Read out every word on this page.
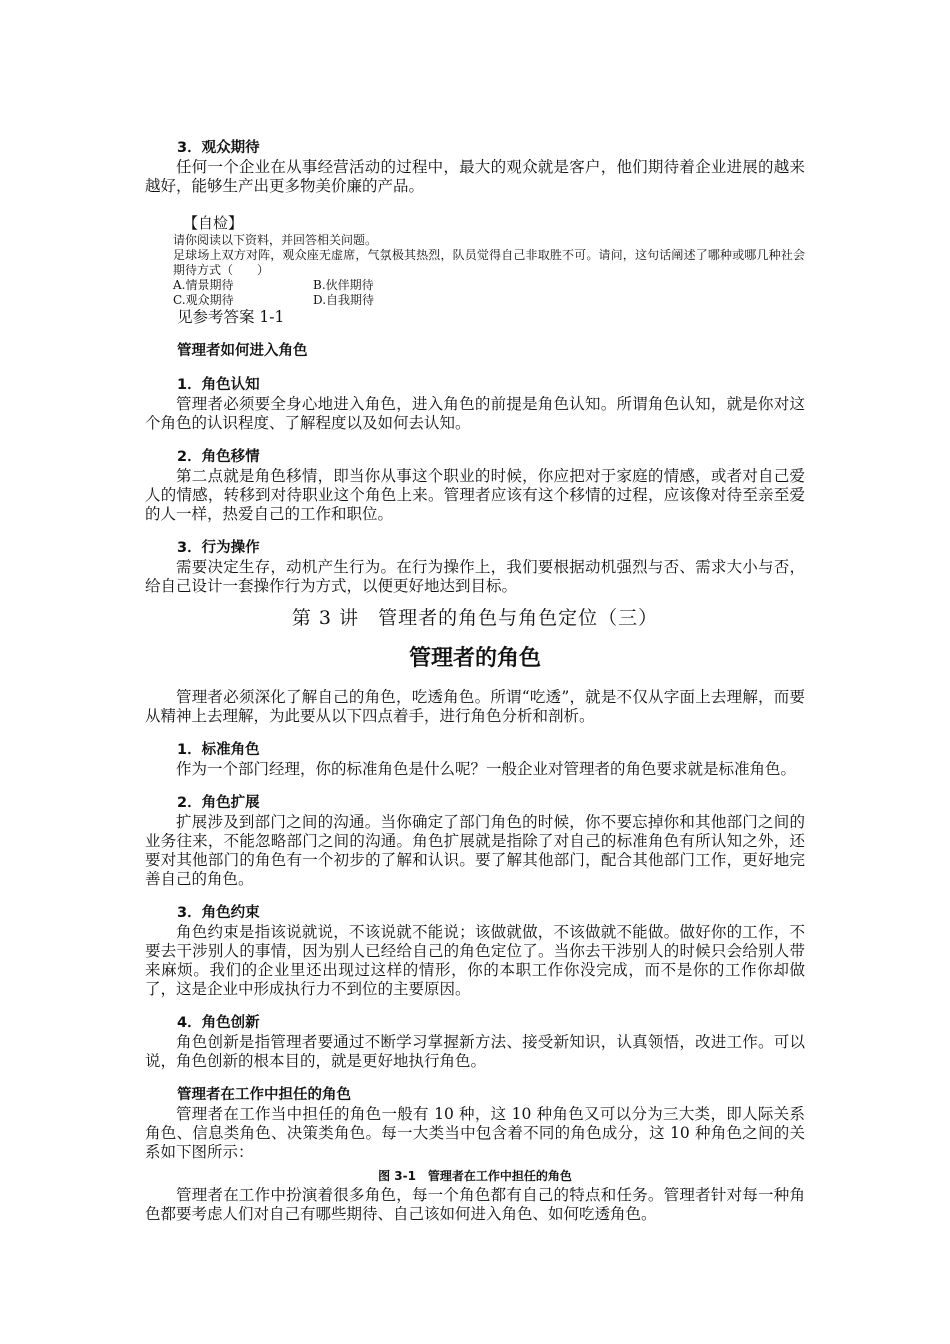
3．观众期待

任何一个企业在从事经营活动的过程中，最大的观众就是客户，他们期待着企业进展的越来越好，能够生产出更多物美价廉的产品。

【自检】

请你阅读以下资料，并回答相关问题。

足球场上双方对阵，观众座无虚席，气氛极其热烈，队员觉得自己非取胜不可。请问，这句话阐述了哪种或哪几种社会期待方式（　　）

A.情景期待	B.伙伴期待
C.观众期待	D.自我期待

见参考答案 1-1

管理者如何进入角色
1．角色认知

管理者必须要全身心地进入角色，进入角色的前提是角色认知。所谓角色认知，就是你对这个角色的认识程度、了解程度以及如何去认知。

2．角色移情

第二点就是角色移情，即当你从事这个职业的时候，你应把对于家庭的情感，或者对自己爱人的情感，转移到对待职业这个角色上来。管理者应该有这个移情的过程，应该像对待至亲至爱的人一样，热爱自己的工作和职位。

3．行为操作

需要决定生存，动机产生行为。在行为操作上，我们要根据动机强烈与否、需求大小与否，给自己设计一套操作行为方式，以便更好地达到目标。

第 3 讲 管理者的角色与角色定位（三）
管理者的角色

管理者必须深化了解自己的角色，吃透角色。所谓“吃透”，就是不仅从字面上去理解，而要从精神上去理解，为此要从以下四点着手，进行角色分析和剖析。

1．标准角色

作为一个部门经理，你的标准角色是什么呢？一般企业对管理者的角色要求就是标准角色。

2．角色扩展

扩展涉及到部门之间的沟通。当你确定了部门角色的时候，你不要忘掉你和其他部门之间的业务往来，不能忽略部门之间的沟通。角色扩展就是指除了对自己的标准角色有所认知之外，还要对其他部门的角色有一个初步的了解和认识。要了解其他部门，配合其他部门工作，更好地完善自己的角色。

3．角色约束

角色约束是指该说就说，不该说就不能说；该做就做，不该做就不能做。做好你的工作，不要去干涉别人的事情，因为别人已经给自己的角色定位了。当你去干涉别人的时候只会给别人带来麻烦。我们的企业里还出现过这样的情形，你的本职工作你没完成，而不是你的工作你却做了，这是企业中形成执行力不到位的主要原因。

4．角色创新

角色创新是指管理者要通过不断学习掌握新方法、接受新知识，认真领悟，改进工作。可以说，角色创新的根本目的，就是更好地执行角色。

管理者在工作中担任的角色

管理者在工作当中担任的角色一般有 10 种，这 10 种角色又可以分为三大类，即人际关系角色、信息类角色、决策类角色。每一大类当中包含着不同的角色成分，这 10 种角色之间的关系如下图所示：

图 3-1　管理者在工作中担任的角色

管理者在工作中扮演着很多角色，每一个角色都有自己的特点和任务。管理者针对每一种角色都要考虑人们对自己有哪些期待、自己该如何进入角色、如何吃透角色。
